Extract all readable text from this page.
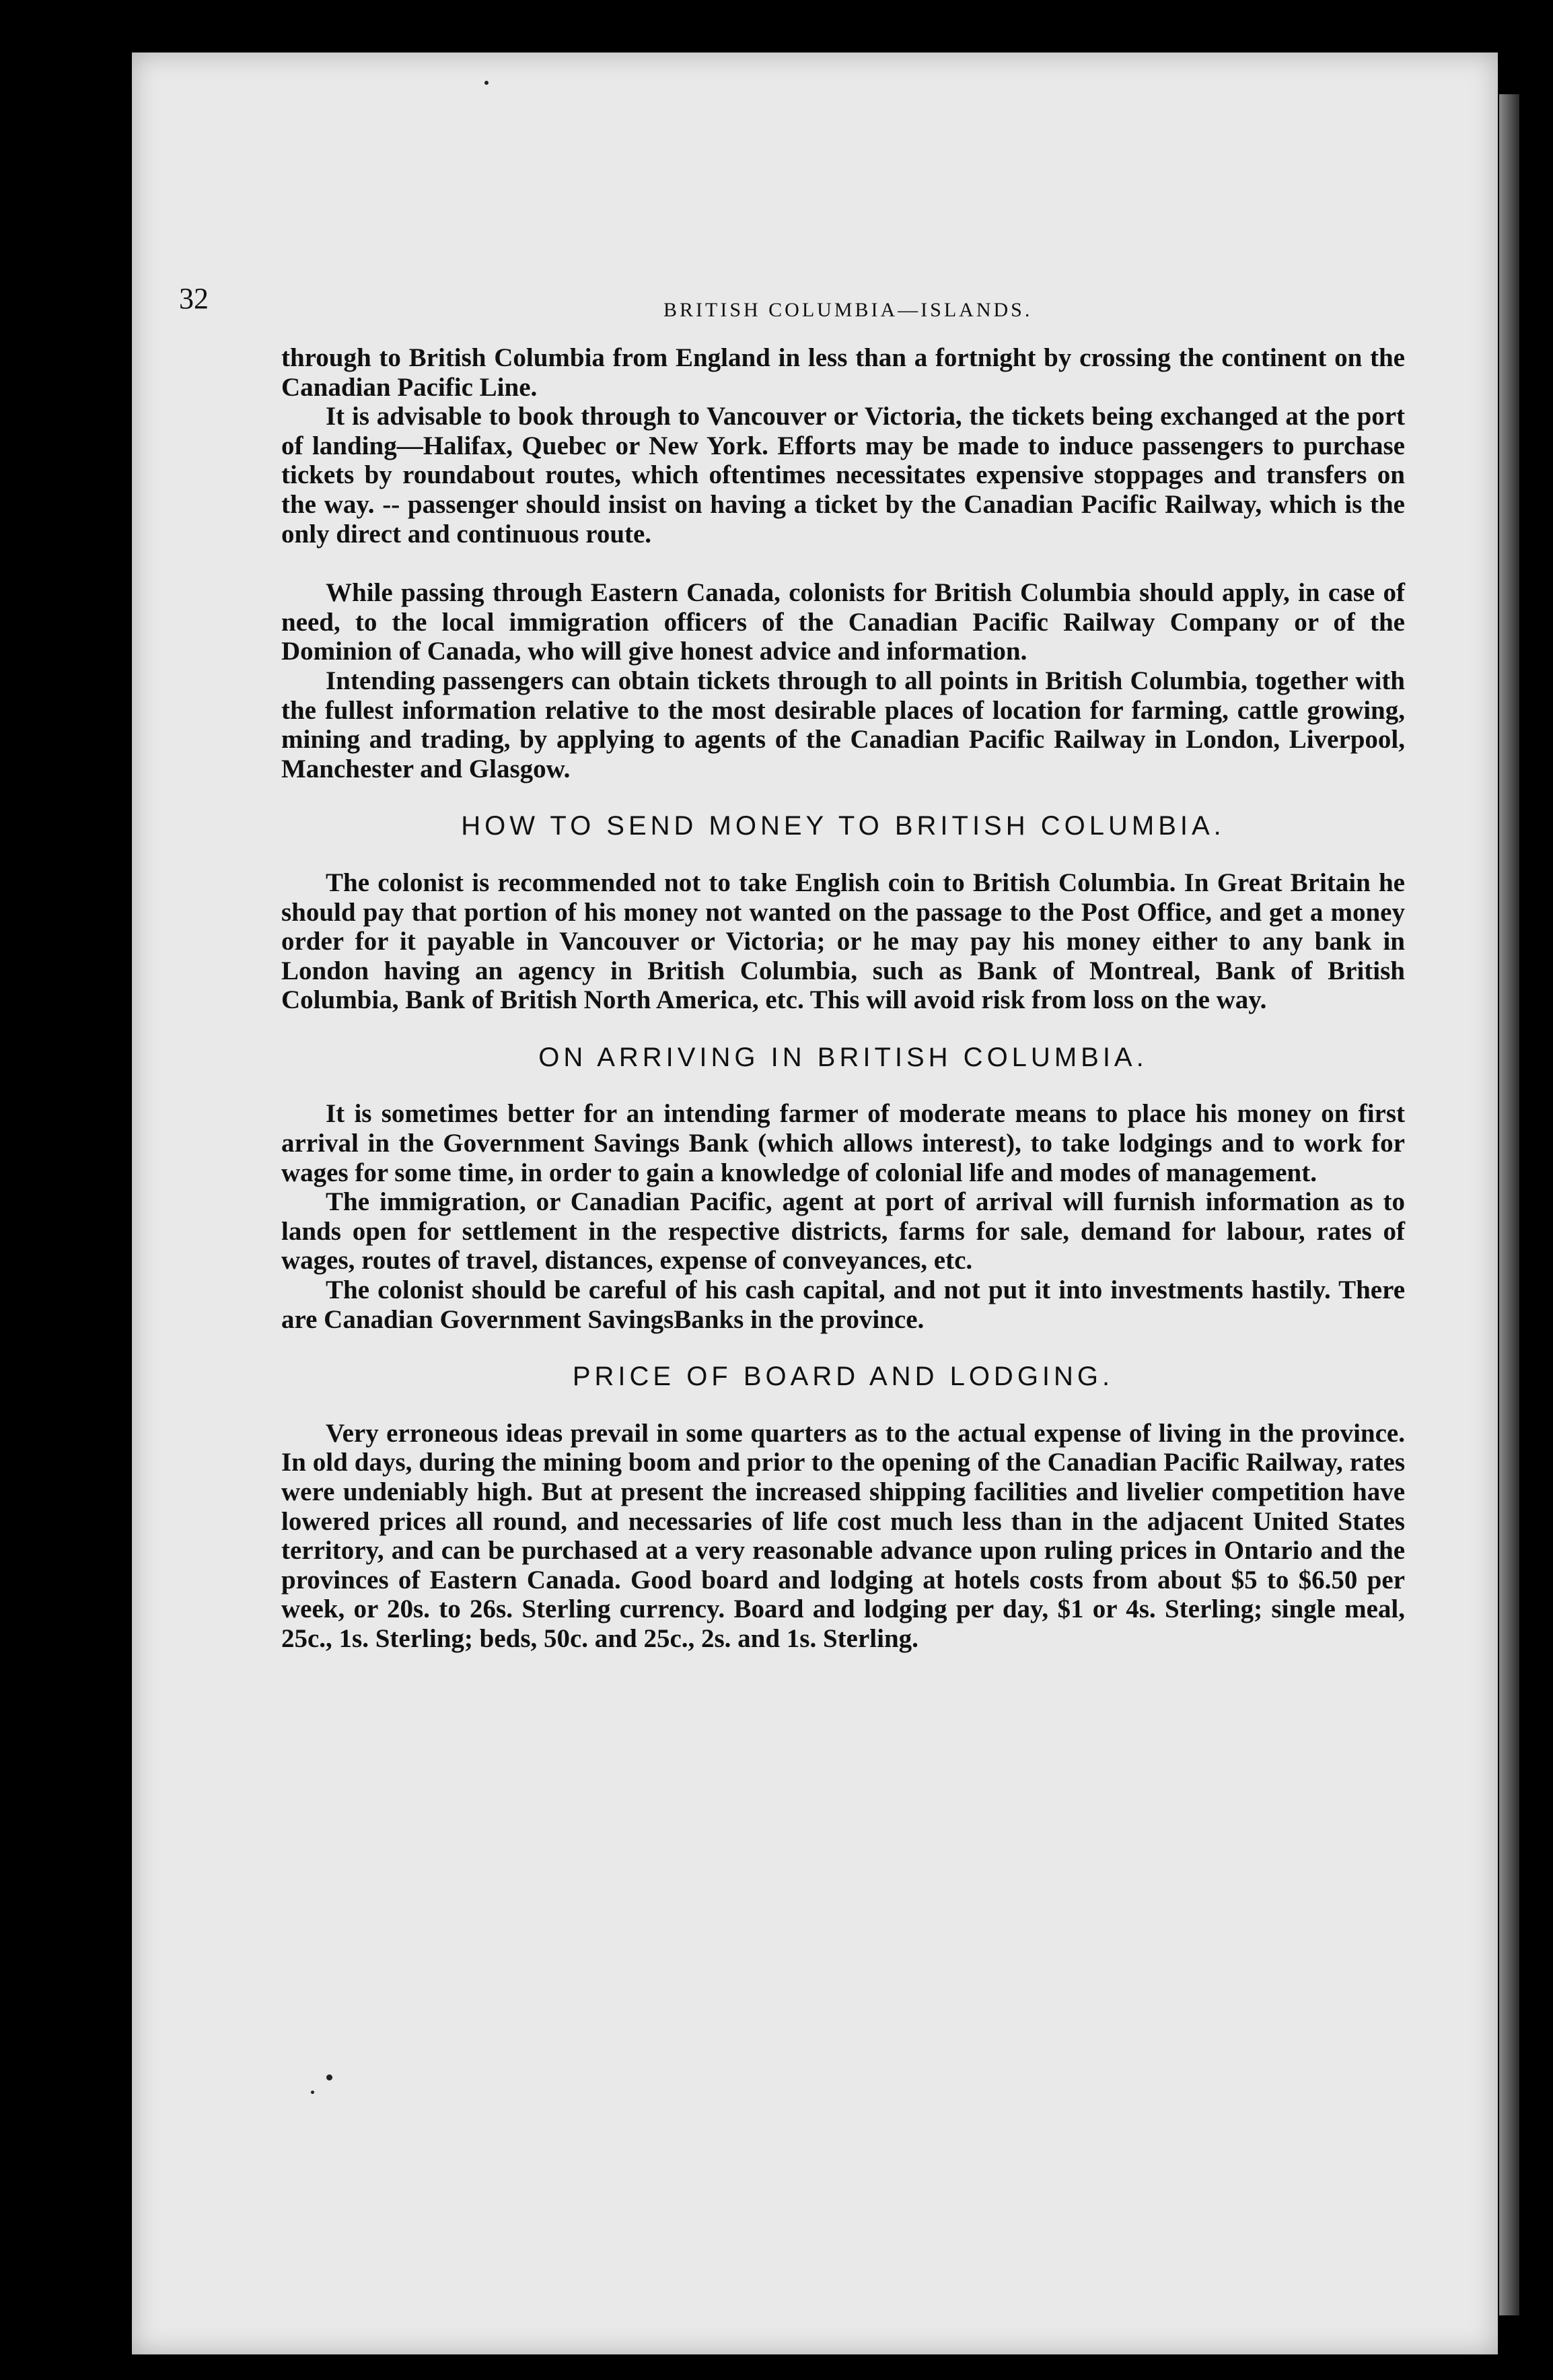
32	BRITISH COLUMBIA—ISLANDS.

through to British Columbia from England in less than a fortnight by crossing the continent on the Canadian Pacific Line.

It is advisable to book through to Vancouver or Victoria, the tickets being exchanged at the port of landing—Halifax, Quebec or New York. Efforts may be made to induce passengers to purchase tickets by roundabout routes, which oftentimes necessitates expensive stoppages and transfers on the way. -- passenger should insist on having a ticket by the Canadian Pacific Railway, which is the only direct and continuous route.

While passing through Eastern Canada, colonists for British Columbia should apply, in case of need, to the local immigration officers of the Canadian Pacific Railway Company or of the Dominion of Canada, who will give honest advice and information.

Intending passengers can obtain tickets through to all points in British Columbia, together with the fullest information relative to the most desirable places of location for farming, cattle growing, mining and trading, by applying to agents of the Canadian Pacific Railway in London, Liverpool, Manchester and Glasgow.

HOW TO SEND MONEY TO BRITISH COLUMBIA.

The colonist is recommended not to take English coin to British Columbia. In Great Britain he should pay that portion of his money not wanted on the passage to the Post Office, and get a money order for it payable in Vancouver or Victoria; or he may pay his money either to any bank in London having an agency in British Columbia, such as Bank of Montreal, Bank of British Columbia, Bank of British North America, etc. This will avoid risk from loss on the way.

ON ARRIVING IN BRITISH COLUMBIA.

It is sometimes better for an intending farmer of moderate means to place his money on first arrival in the Government Savings Bank (which allows interest), to take lodgings and to work for wages for some time, in order to gain a knowledge of colonial life and modes of management.

The immigration, or Canadian Pacific, agent at port of arrival will furnish information as to lands open for settlement in the respective districts, farms for sale, demand for labour, rates of wages, routes of travel, distances, expense of conveyances, etc.

The colonist should be careful of his cash capital, and not put it into investments hastily. There are Canadian Government SavingsBanks in the province.

PRICE OF BOARD AND LODGING.

Very erroneous ideas prevail in some quarters as to the actual expense of living in the province. In old days, during the mining boom and prior to the opening of the Canadian Pacific Railway, rates were undeniably high. But at present the increased shipping facilities and livelier competition have lowered prices all round, and necessaries of life cost much less than in the adjacent United States territory, and can be purchased at a very reasonable advance upon ruling prices in Ontario and the provinces of Eastern Canada. Good board and lodging at hotels costs from about $5 to $6.50 per week, or 20s. to 26s. Sterling currency. Board and lodging per day, $1 or 4s. Sterling; single meal, 25c., 1s. Sterling; beds, 50c. and 25c., 2s. and 1s. Sterling.
